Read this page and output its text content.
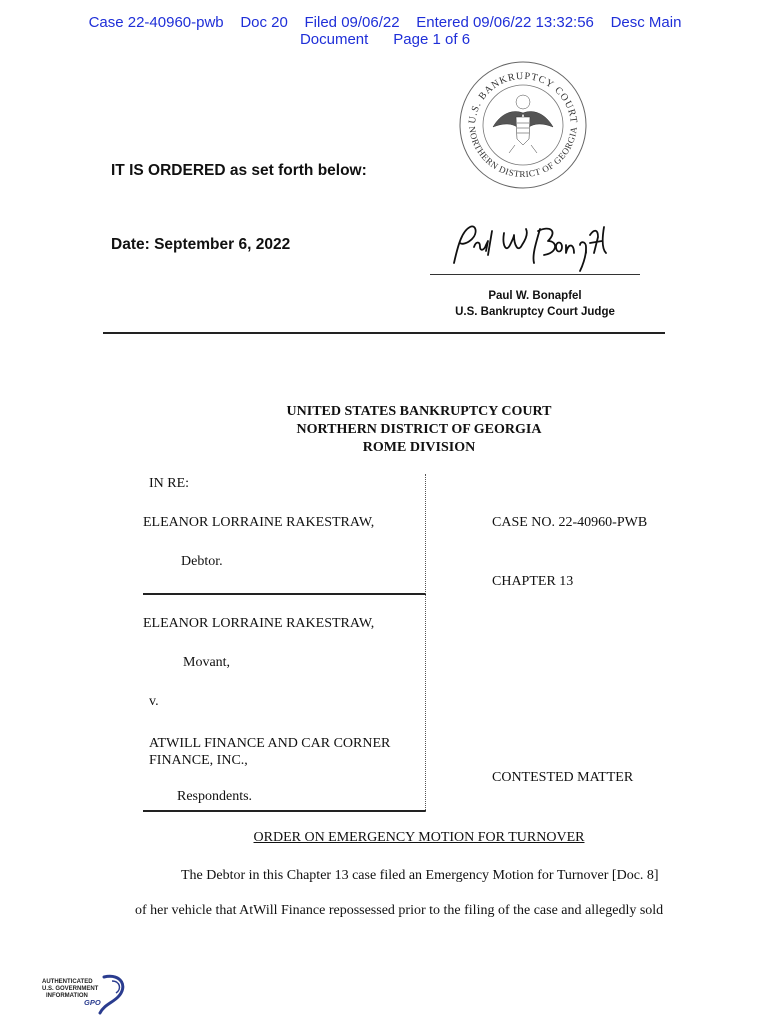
Case 22-40960-pwb    Doc 20    Filed 09/06/22    Entered 09/06/22 13:32:56    Desc Main
Document      Page 1 of 6
U.S. BANKRUPTCY COURT
NORTHERN DISTRICT OF GEORGIA
IT IS ORDERED as set forth below:
Date: September 6, 2022
Paul W. Bonapfel
U.S. Bankruptcy Court Judge
UNITED STATES BANKRUPTCY COURT
NORTHERN DISTRICT OF GEORGIA
ROME DIVISION
IN RE:
ELEANOR LORRAINE RAKESTRAW,
Debtor.
CASE NO. 22-40960-PWB
CHAPTER 13
ELEANOR LORRAINE RAKESTRAW,
Movant,
v.
ATWILL FINANCE AND CAR CORNER
FINANCE, INC.,
Respondents.
CONTESTED MATTER
ORDER ON EMERGENCY MOTION FOR TURNOVER
The Debtor in this Chapter 13 case filed an Emergency Motion for Turnover [Doc. 8]
of her vehicle that AtWill Finance repossessed prior to the filing of the case and allegedly sold
AUTHENTICATED
U.S. GOVERNMENT
INFORMATION
GPO
